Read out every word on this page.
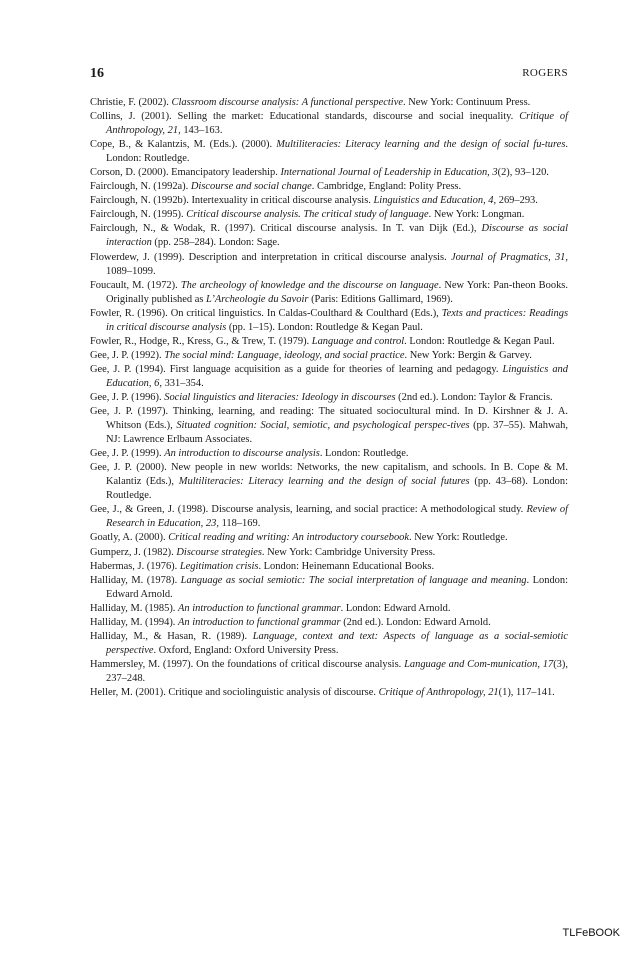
16	ROGERS
Christie, F. (2002). Classroom discourse analysis: A functional perspective. New York: Continuum Press.
Collins, J. (2001). Selling the market: Educational standards, discourse and social inequality. Critique of Anthropology, 21, 143–163.
Cope, B., & Kalantzis, M. (Eds.). (2000). Multiliteracies: Literacy learning and the design of social fu-tures. London: Routledge.
Corson, D. (2000). Emancipatory leadership. International Journal of Leadership in Education, 3(2), 93–120.
Fairclough, N. (1992a). Discourse and social change. Cambridge, England: Polity Press.
Fairclough, N. (1992b). Intertexuality in critical discourse analysis. Linguistics and Education, 4, 269–293.
Fairclough, N. (1995). Critical discourse analysis. The critical study of language. New York: Longman.
Fairclough, N., & Wodak, R. (1997). Critical discourse analysis. In T. van Dijk (Ed.), Discourse as social interaction (pp. 258–284). London: Sage.
Flowerdew, J. (1999). Description and interpretation in critical discourse analysis. Journal of Pragmatics, 31, 1089–1099.
Foucault, M. (1972). The archeology of knowledge and the discourse on language. New York: Pan-theon Books. Originally published as L’Archeologie du Savoir (Paris: Editions Gallimard, 1969).
Fowler, R. (1996). On critical linguistics. In Caldas-Coulthard & Coulthard (Eds.), Texts and practices: Readings in critical discourse analysis (pp. 1–15). London: Routledge & Kegan Paul.
Fowler, R., Hodge, R., Kress, G., & Trew, T. (1979). Language and control. London: Routledge & Kegan Paul.
Gee, J. P. (1992). The social mind: Language, ideology, and social practice. New York: Bergin & Garvey.
Gee, J. P. (1994). First language acquisition as a guide for theories of learning and pedagogy. Linguistics and Education, 6, 331–354.
Gee, J. P. (1996). Social linguistics and literacies: Ideology in discourses (2nd ed.). London: Taylor & Francis.
Gee, J. P. (1997). Thinking, learning, and reading: The situated sociocultural mind. In D. Kirshner & J. A. Whitson (Eds.), Situated cognition: Social, semiotic, and psychological perspec-tives (pp. 37–55). Mahwah, NJ: Lawrence Erlbaum Associates.
Gee, J. P. (1999). An introduction to discourse analysis. London: Routledge.
Gee, J. P. (2000). New people in new worlds: Networks, the new capitalism, and schools. In B. Cope & M. Kalantiz (Eds.), Multiliteracies: Literacy learning and the design of social futures (pp. 43–68). London: Routledge.
Gee, J., & Green, J. (1998). Discourse analysis, learning, and social practice: A methodological study. Review of Research in Education, 23, 118–169.
Goatly, A. (2000). Critical reading and writing: An introductory coursebook. New York: Routledge.
Gumperz, J. (1982). Discourse strategies. New York: Cambridge University Press.
Habermas, J. (1976). Legitimation crisis. London: Heinemann Educational Books.
Halliday, M. (1978). Language as social semiotic: The social interpretation of language and meaning. London: Edward Arnold.
Halliday, M. (1985). An introduction to functional grammar. London: Edward Arnold.
Halliday, M. (1994). An introduction to functional grammar (2nd ed.). London: Edward Arnold.
Halliday, M., & Hasan, R. (1989). Language, context and text: Aspects of language as a social-semiotic perspective. Oxford, England: Oxford University Press.
Hammersley, M. (1997). On the foundations of critical discourse analysis. Language and Com-munication, 17(3), 237–248.
Heller, M. (2001). Critique and sociolinguistic analysis of discourse. Critique of Anthropology, 21(1), 117–141.
TLFeBOOK
